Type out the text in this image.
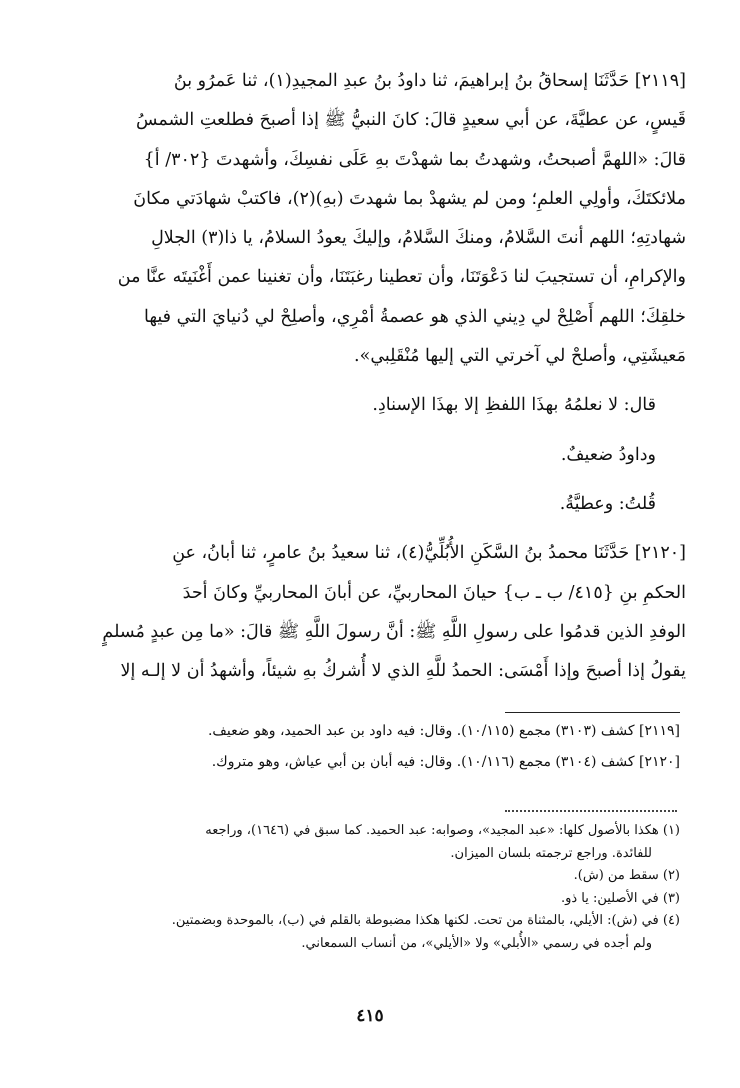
[٢١١٩] حَدَّثَنَا إسحاقُ بنُ إبراهيمَ، ثنا داودُ بنُ عبدِ المجيدِ(١)، ثنا عَمرُو بنُ
قَيسٍ، عن عطيَّةَ، عن أبي سعيدٍ قالَ: كانَ النبيُّ ﷺ إذا أصبحَ فطلعتِ الشمسُ
قالَ: «اللهمَّ أصبحتُ، وشهدتُ بما شهدْتَ بهِ عَلَى نفسِكَ، وأشهدتَ {٣٠٢/ أ}
ملائكتَكَ، وأولِي العلمِ؛ ومن لم يشهدْ بما شهدتَ (بهِ)(٢)، فاكتبْ شهادَتي مكانَ
شهادتِهِ؛ اللهم أنتَ السَّلامُ، ومنكَ السَّلامُ، وإليكَ يعودُ السلامُ، يا ذا(٣) الجلالِ
والإكرامِ، أن تستجيبَ لنا دَعْوَتَنَا، وأن تعطينا رغبَتَنَا، وأن تغنينا عمن أَغْنَيتَه عنَّا من
خلقِكَ؛ اللهم أَصْلِحْ لي دِيني الذي هو عصمةُ أمْرِي، وأصلِحْ لي دُنيايَ التي فيها
مَعيشَتِي، وأصلحْ لي آخرتي التي إليها مُنْقَلِبي».
قال: لا نعلمُهُ بهذَا اللفظِ إلا بهذَا الإسنادِ.
وداودُ ضعيفٌ.
قُلتُ: وعطيَّةُ.
[٢١٢٠] حَدَّثَنَا محمدُ بنُ السَّكَنِ الأُبُلِّيُّ(٤)، ثنا سعيدُ بنُ عامرٍ، ثنا أبانُ، عنِ
الحكمِ بنِ {٤١٥/ ب ـ ب} حيانَ المحاربيِّ، عن أبانَ المحاربيِّ وكانَ أحدَ
الوفدِ الذين قدمُوا على رسولِ اللَّهِ ﷺ: أنَّ رسولَ اللَّهِ ﷺ قالَ: «ما مِن عبدٍ مُسلمٍ
يقولُ إذا أصبحَ وإذا أَمْسَى: الحمدُ للَّهِ الذي لا أُشركُ بهِ شيئاً، وأشهدُ أن لا إلـه إلا
[٢١١٩] كشف (٣١٠٣) مجمع (١٠/١١٥). وقال: فيه داود بن عبد الحميد، وهو ضعيف.
[٢١٢٠] كشف (٣١٠٤) مجمع (١٠/١١٦). وقال: فيه أبان بن أبي عياش، وهو متروك.
(١) هكذا بالأصول كلها: «عبد المجيد»، وصوابه: عبد الحميد. كما سبق في (١٦٤٦)، وراجعه
للفائدة. وراجع ترجمته بلسان الميزان.
(٢) سقط من (ش).
(٣) في الأصلين: يا ذو.
(٤) في (ش): الأيلي، بالمثناة من تحت. لكنها هكذا مضبوطة بالقلم في (ب)، بالموحدة وبضمتين.
ولم أجده في رسمي «الأُبلي» ولا «الأيلي»، من أنساب السمعاني.
٤١٥
